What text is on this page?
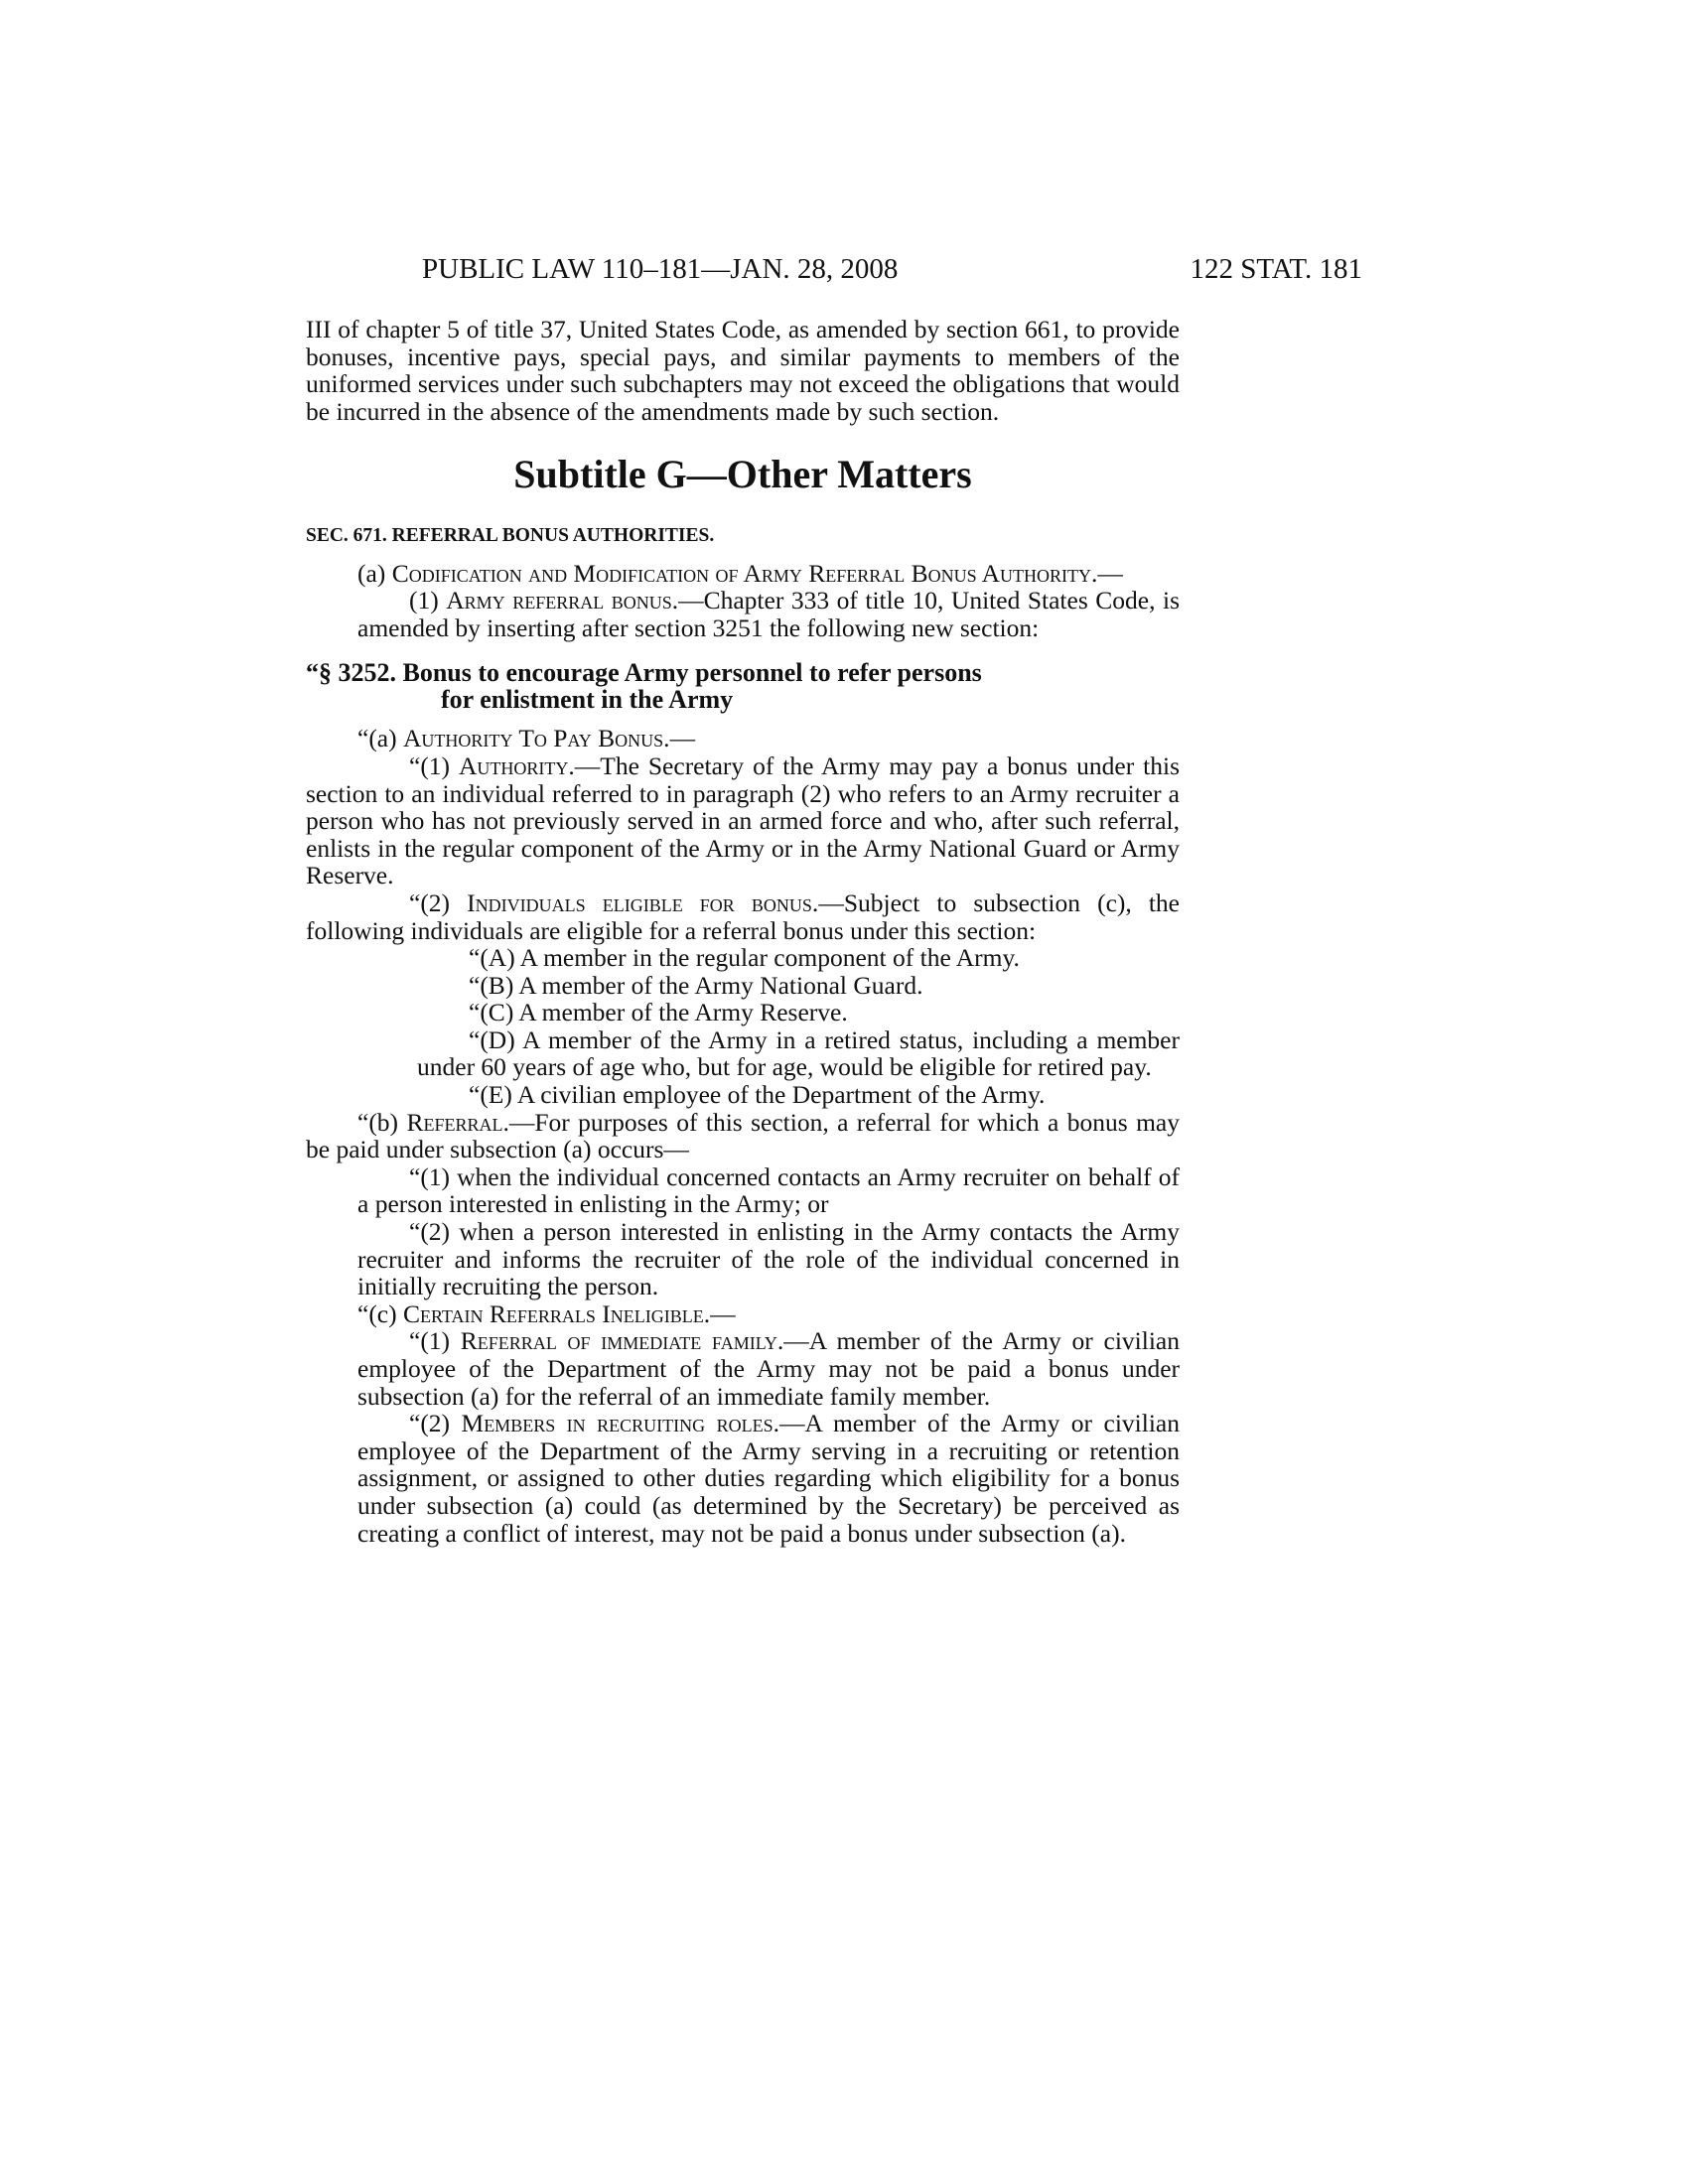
PUBLIC LAW 110–181—JAN. 28, 2008	122 STAT. 181

III of chapter 5 of title 37, United States Code, as amended by section 661, to provide bonuses, incentive pays, special pays, and similar payments to members of the uniformed services under such subchapters may not exceed the obligations that would be incurred in the absence of the amendments made by such section.

Subtitle G—Other Matters

SEC. 671. REFERRAL BONUS AUTHORITIES.

(a) Codification and Modification of Army Referral Bonus Authority.—

(1) Army referral bonus.—Chapter 333 of title 10, United States Code, is amended by inserting after section 3251 the following new section:

“§ 3252. Bonus to encourage Army personnel to refer persons
for enlistment in the Army

“(a) Authority To Pay Bonus.—

“(1) Authority.—The Secretary of the Army may pay a bonus under this section to an individual referred to in paragraph (2) who refers to an Army recruiter a person who has not previously served in an armed force and who, after such referral, enlists in the regular component of the Army or in the Army National Guard or Army Reserve.

“(2) Individuals eligible for bonus.—Subject to subsection (c), the following individuals are eligible for a referral bonus under this section:

“(A) A member in the regular component of the Army.

“(B) A member of the Army National Guard.

“(C) A member of the Army Reserve.

“(D) A member of the Army in a retired status, including a member under 60 years of age who, but for age, would be eligible for retired pay.

“(E) A civilian employee of the Department of the Army.

“(b) Referral.—For purposes of this section, a referral for which a bonus may be paid under subsection (a) occurs—

“(1) when the individual concerned contacts an Army recruiter on behalf of a person interested in enlisting in the Army; or

“(2) when a person interested in enlisting in the Army contacts the Army recruiter and informs the recruiter of the role of the individual concerned in initially recruiting the person.

“(c) Certain Referrals Ineligible.—

“(1) Referral of immediate family.—A member of the Army or civilian employee of the Department of the Army may not be paid a bonus under subsection (a) for the referral of an immediate family member.

“(2) Members in recruiting roles.—A member of the Army or civilian employee of the Department of the Army serving in a recruiting or retention assignment, or assigned to other duties regarding which eligibility for a bonus under subsection (a) could (as determined by the Secretary) be perceived as creating a conflict of interest, may not be paid a bonus under subsection (a).
